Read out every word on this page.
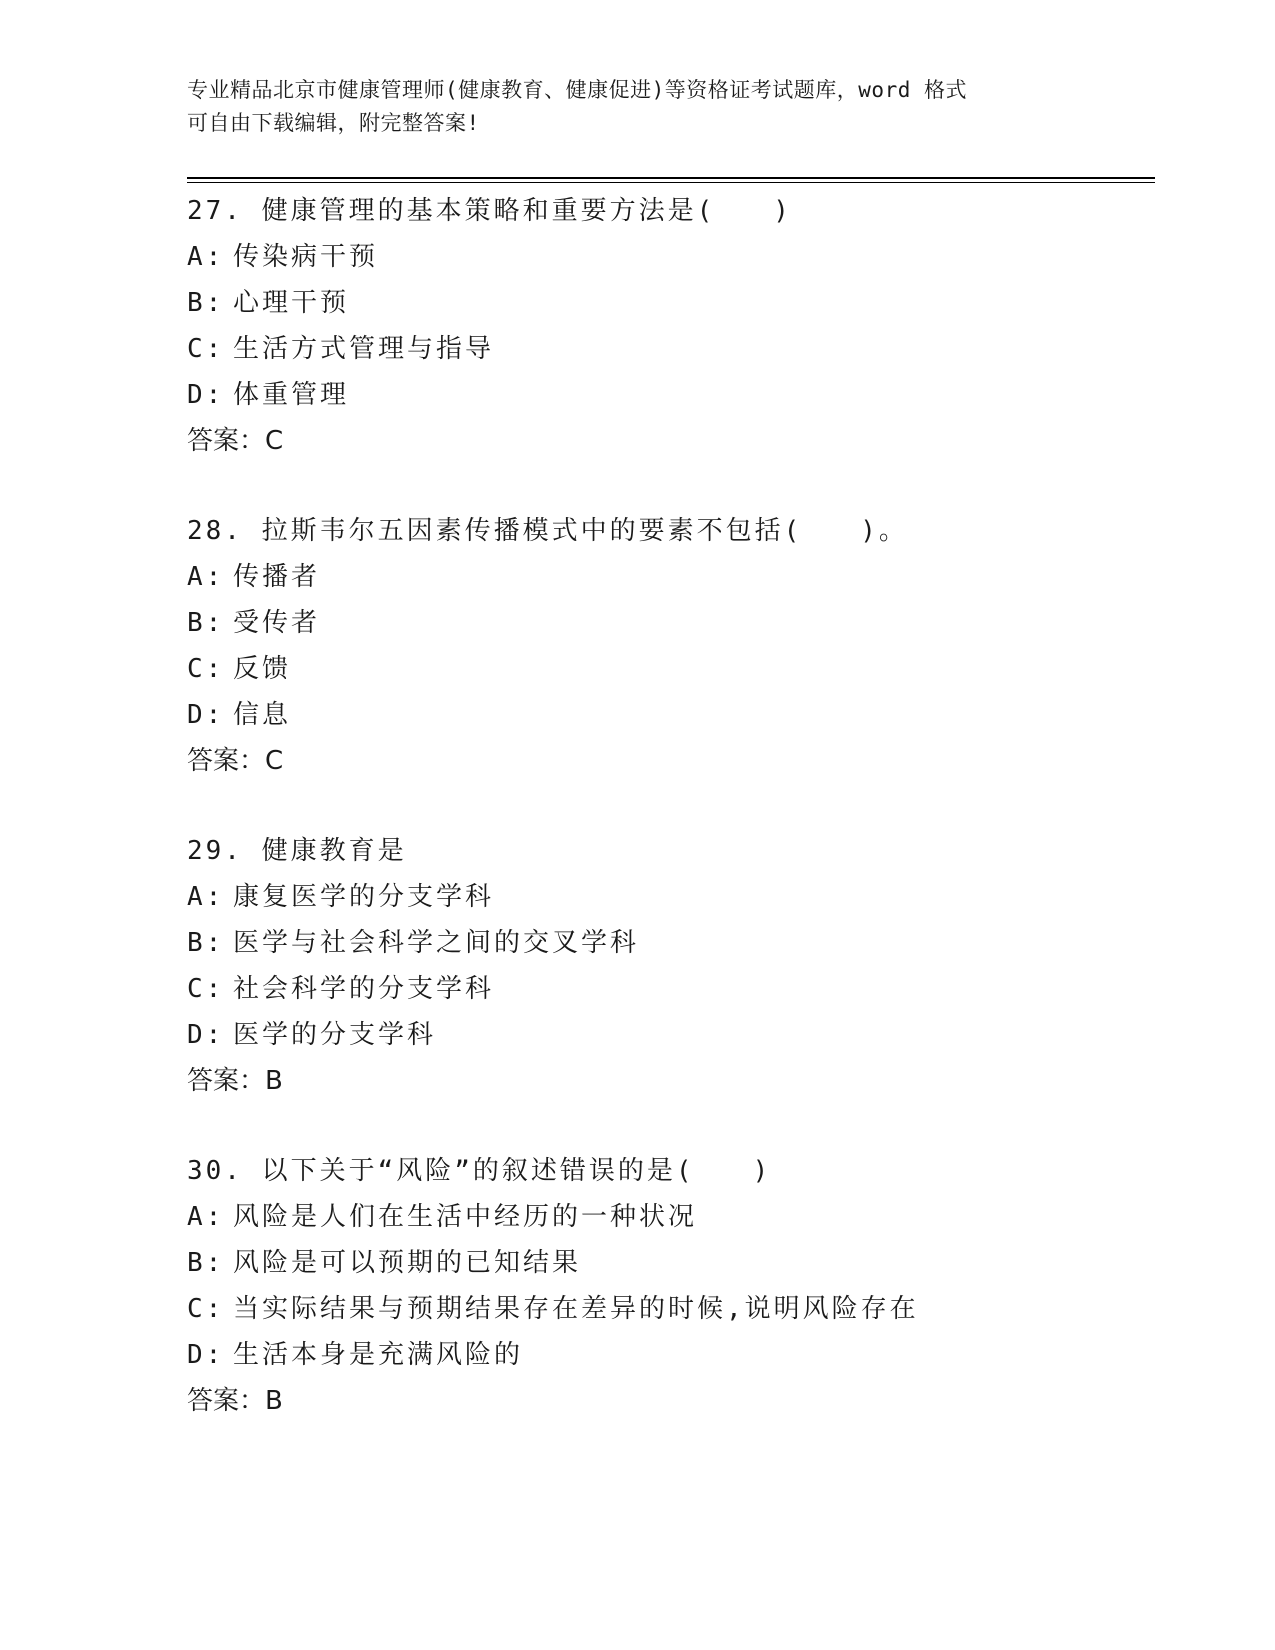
专业精品北京市健康管理师(健康教育、健康促进)等资格证考试题库，word 格式
可自由下载编辑，附完整答案!
27. 健康管理的基本策略和重要方法是(　　)
A: 传染病干预
B: 心理干预
C: 生活方式管理与指导
D: 体重管理
答案：C
28. 拉斯韦尔五因素传播模式中的要素不包括(　　)。
A: 传播者
B: 受传者
C: 反馈
D: 信息
答案：C
29. 健康教育是
A: 康复医学的分支学科
B: 医学与社会科学之间的交叉学科
C: 社会科学的分支学科
D: 医学的分支学科
答案：B
30. 以下关于“风险”的叙述错误的是(　　)
A: 风险是人们在生活中经历的一种状况
B: 风险是可以预期的已知结果
C: 当实际结果与预期结果存在差异的时候,说明风险存在
D: 生活本身是充满风险的
答案：B
